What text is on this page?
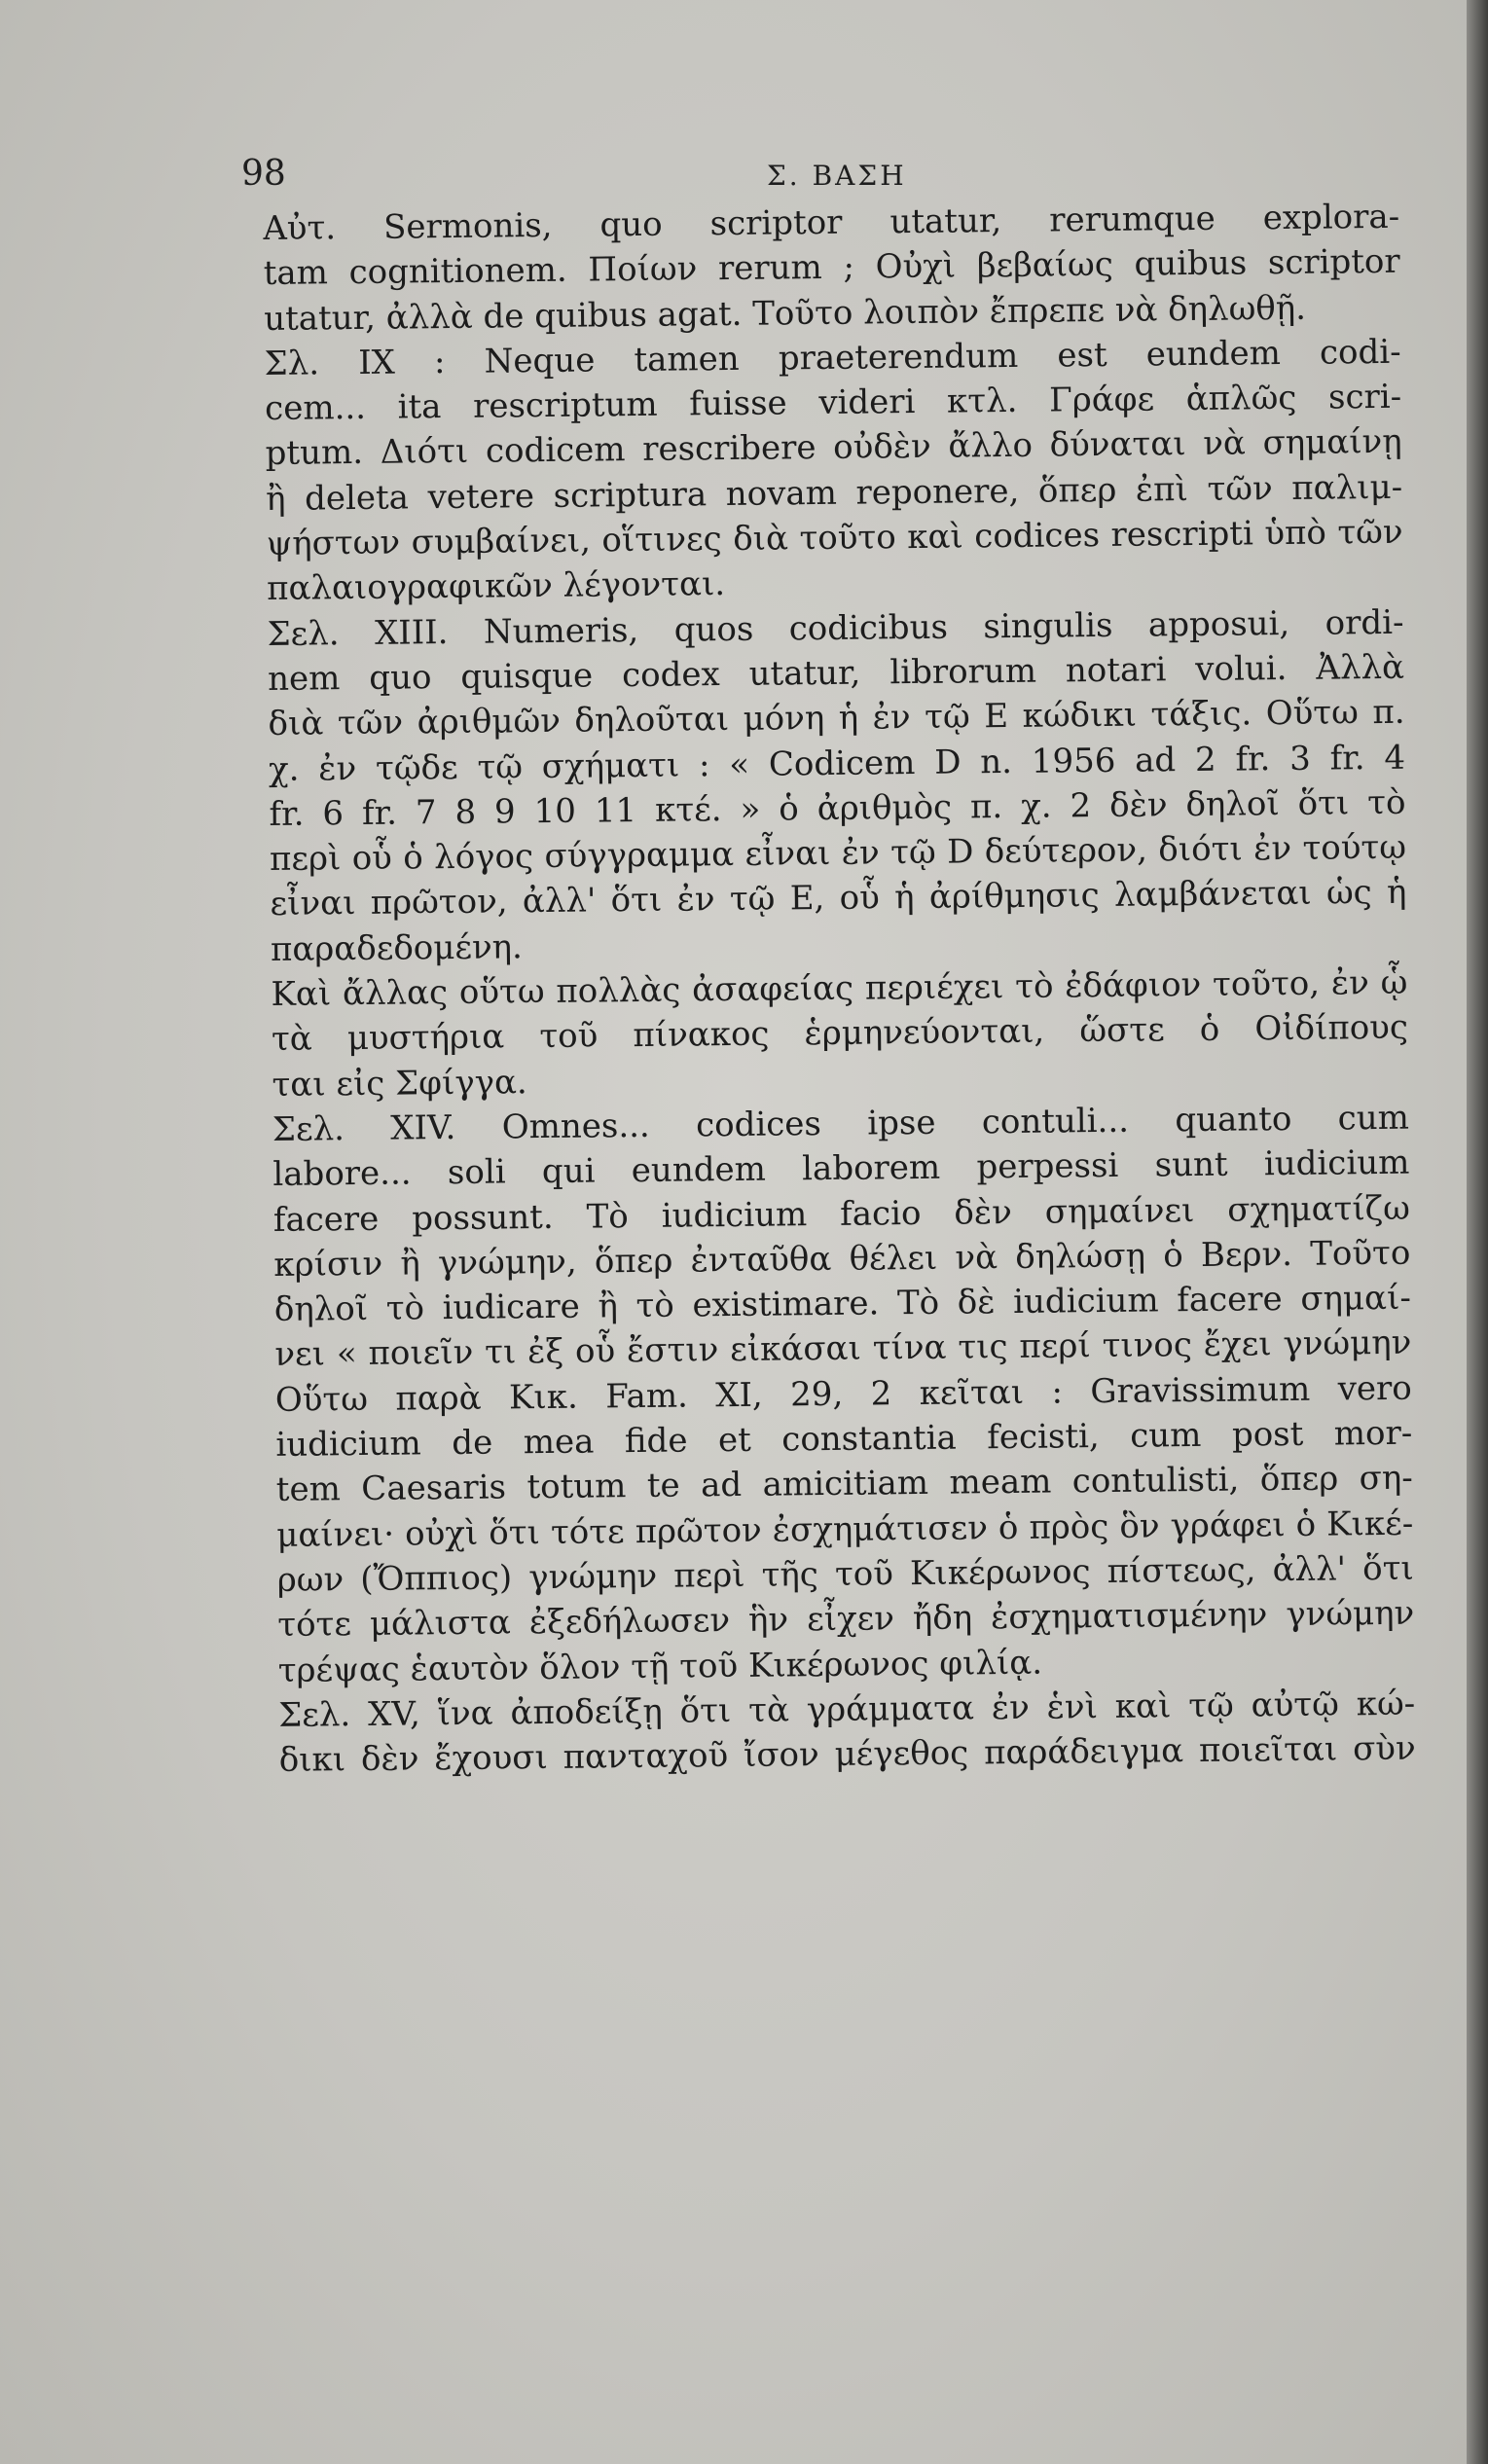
98	Σ. ΒΑΣΗ
Αὐτ. Sermonis, quo scriptor utatur, rerumque explora-
tam cognitionem. Ποίων rerum ; Οὐχὶ βεβαίως quibus scriptor
utatur, ἀλλὰ de quibus agat. Τοῦτο λοιπὸν ἔπρεπε νὰ δηλωθῇ.
Σλ. IX : Neque tamen praeterendum est eundem codi-
cem... ita rescriptum fuisse videri κτλ. Γράφε ἁπλῶς scri-
ptum. Διότι codicem rescribere οὐδὲν ἄλλο δύναται νὰ σημαίνῃ
ἢ deleta vetere scriptura novam reponere, ὅπερ ἐπὶ τῶν παλιμ-
ψήστων συμβαίνει, οἵτινες διὰ τοῦτο καὶ codices rescripti ὑπὸ τῶν
παλαιογραφικῶν λέγονται.
Σελ. XIII. Numeris, quos codicibus singulis apposui, ordi-
nem quo quisque codex utatur, librorum notari volui. Ἀλλὰ
διὰ τῶν ἀριθμῶν δηλοῦται μόνη ἡ ἐν τῷ E κώδικι τάξις. Οὕτω π.
χ. ἐν τῷδε τῷ σχήματι : « Codicem D n. 1956 ad 2 fr. 3 fr. 4
fr. 6 fr. 7 8 9 10 11 κτέ. » ὁ ἀριθμὸς π. χ. 2 δὲν δηλοῖ ὅτι τὸ
περὶ οὗ ὁ λόγος σύγγραμμα εἶναι ἐν τῷ D δεύτερον, διότι ἐν τούτῳ
εἶναι πρῶτον, ἀλλ' ὅτι ἐν τῷ E, οὗ ἡ ἀρίθμησις λαμβάνεται ὡς ἡ
παραδεδομένη.
Καὶ ἄλλας οὕτω πολλὰς ἀσαφείας περιέχει τὸ ἐδάφιον τοῦτο, ἐν ᾧ
τὰ μυστήρια τοῦ πίνακος ἑρμηνεύονται, ὥστε ὁ Οἰδίπους
ται εἰς Σφίγγα.
Σελ. XIV. Omnes... codices ipse contuli... quanto cum
labore... soli qui eundem laborem perpessi sunt iudicium
facere possunt. Τὸ iudicium facio δὲν σημαίνει σχηματίζω
κρίσιν ἢ γνώμην, ὅπερ ἐνταῦθα θέλει νὰ δηλώσῃ ὁ Βερν. Τοῦτο
δηλοῖ τὸ iudicare ἢ τὸ existimare. Τὸ δὲ iudicium facere σημαί-
νει « ποιεῖν τι ἐξ οὗ ἔστιν εἰκάσαι τίνα τις περί τινος ἔχει γνώμην
Οὕτω παρὰ Κικ. Fam. XI, 29, 2 κεῖται : Gravissimum vero
iudicium de mea fide et constantia fecisti, cum post mor-
tem Caesaris totum te ad amicitiam meam contulisti, ὅπερ ση-
μαίνει· οὐχὶ ὅτι τότε πρῶτον ἐσχημάτισεν ὁ πρὸς ὃν γράφει ὁ Κικέ-
ρων (Ὄππιος) γνώμην περὶ τῆς τοῦ Κικέρωνος πίστεως, ἀλλ' ὅτι
τότε μάλιστα ἐξεδήλωσεν ἣν εἶχεν ἤδη ἐσχηματισμένην γνώμην
τρέψας ἑαυτὸν ὅλον τῇ τοῦ Κικέρωνος φιλίᾳ.
Σελ. XV, ἵνα ἀποδείξῃ ὅτι τὰ γράμματα ἐν ἑνὶ καὶ τῷ αὐτῷ κώ-
δικι δὲν ἔχουσι πανταχοῦ ἴσον μέγεθος παράδειγμα ποιεῖται σὺν
